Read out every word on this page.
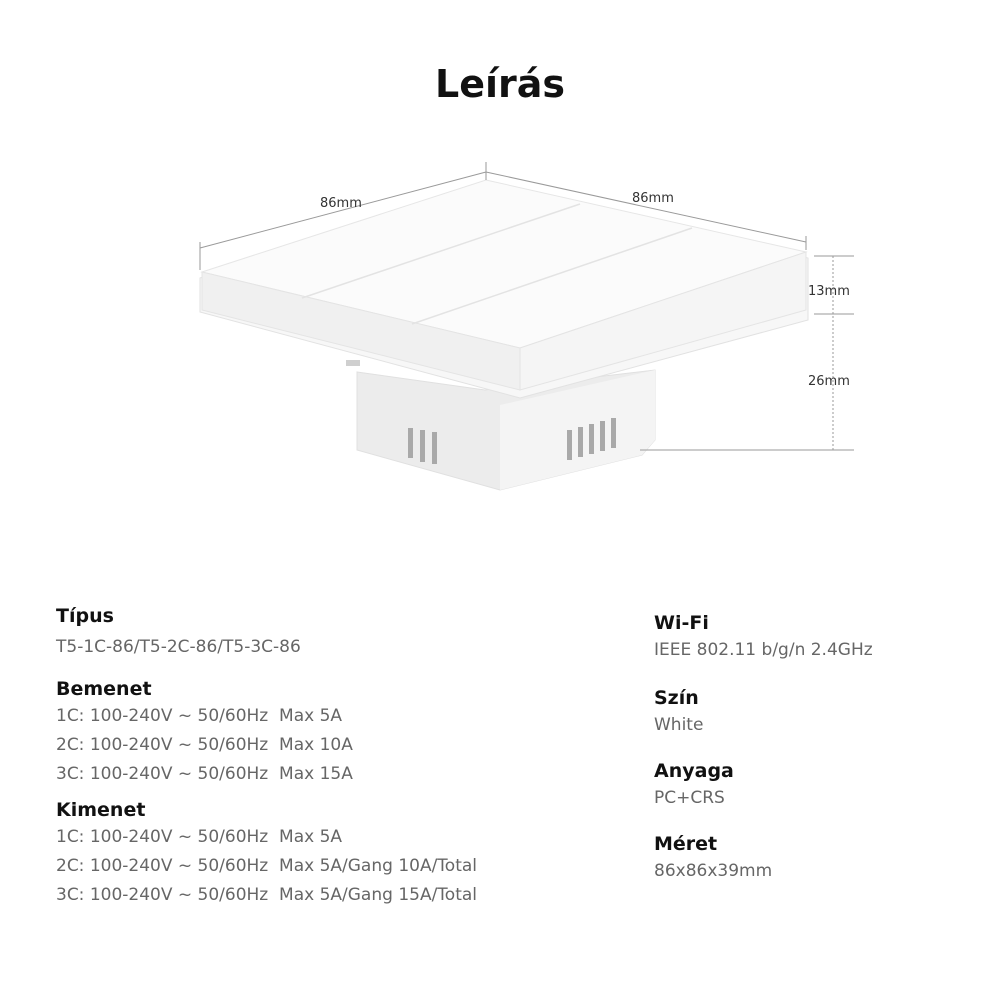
Leírás
86mm	86mm
13mm
26mm

Típus

T5-1C-86/T5-2C-86/T5-3C-86

Bemenet

1C: 100-240V ~ 50/60Hz  Max 5A

2C: 100-240V ~ 50/60Hz  Max 10A

3C: 100-240V ~ 50/60Hz  Max 15A

Kimenet

1C: 100-240V ~ 50/60Hz  Max 5A

2C: 100-240V ~ 50/60Hz  Max 5A/Gang 10A/Total

3C: 100-240V ~ 50/60Hz  Max 5A/Gang 15A/Total

Wi-Fi

IEEE 802.11 b/g/n 2.4GHz

Szín

White

Anyaga

PC+CRS

Méret

86x86x39mm
